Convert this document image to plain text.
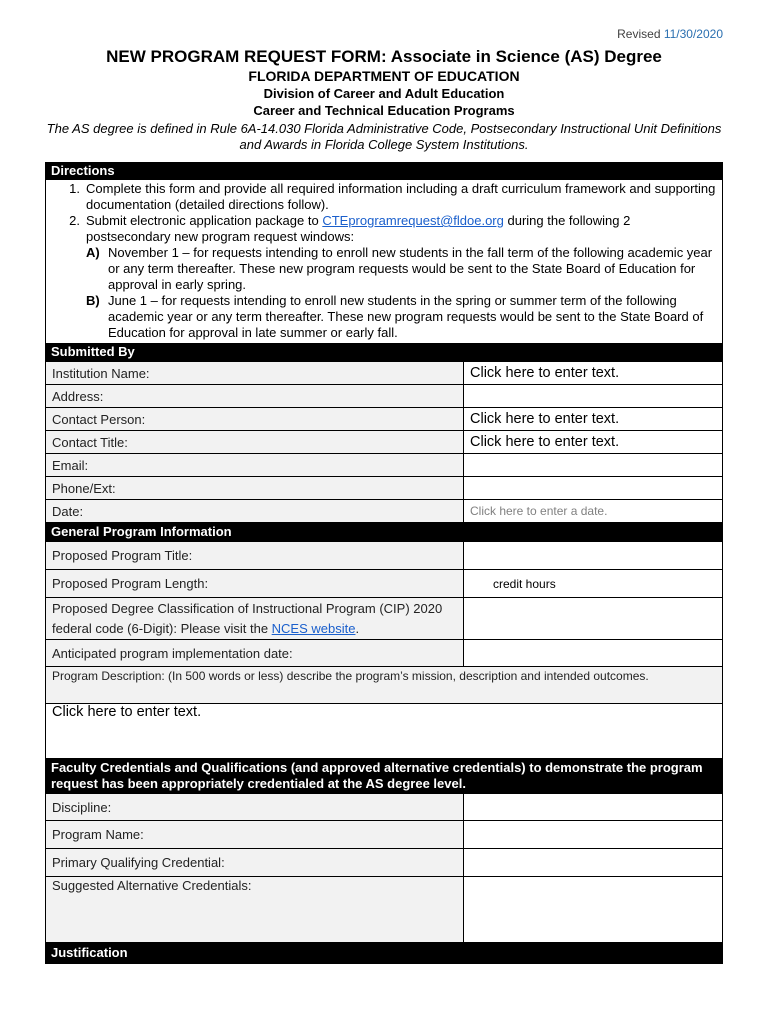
Revised 11/30/2020
NEW PROGRAM REQUEST FORM: Associate in Science (AS) Degree
FLORIDA DEPARTMENT OF EDUCATION
Division of Career and Adult Education
Career and Technical Education Programs
The AS degree is defined in Rule 6A-14.030 Florida Administrative Code, Postsecondary Instructional Unit Definitions and Awards in Florida College System Institutions.
Directions
1. Complete this form and provide all required information including a draft curriculum framework and supporting documentation (detailed directions follow).
2. Submit electronic application package to CTEprogramrequest@fldoe.org during the following 2 postsecondary new program request windows:
A) November 1 – for requests intending to enroll new students in the fall term of the following academic year or any term thereafter. These new program requests would be sent to the State Board of Education for approval in early spring.
B) June 1 – for requests intending to enroll new students in the spring or summer term of the following academic year or any term thereafter. These new program requests would be sent to the State Board of Education for approval in late summer or early fall.
Submitted By
Institution Name:	Click here to enter text.
Address:	
Contact Person:	Click here to enter text.
Contact Title:	Click here to enter text.
Email:	
Phone/Ext:	
Date:	Click here to enter a date.
General Program Information
Proposed Program Title:	
Proposed Program Length:	credit hours
Proposed Degree Classification of Instructional Program (CIP) 2020 federal code (6-Digit): Please visit the NCES website.	
Anticipated program implementation date:	
Program Description: (In 500 words or less) describe the program’s mission, description and intended outcomes.	
Click here to enter text.	
Faculty Credentials and Qualifications (and approved alternative credentials) to demonstrate the program request has been appropriately credentialed at the AS degree level.
Discipline:	
Program Name:	
Primary Qualifying Credential:	
Suggested Alternative Credentials:	
Justification
